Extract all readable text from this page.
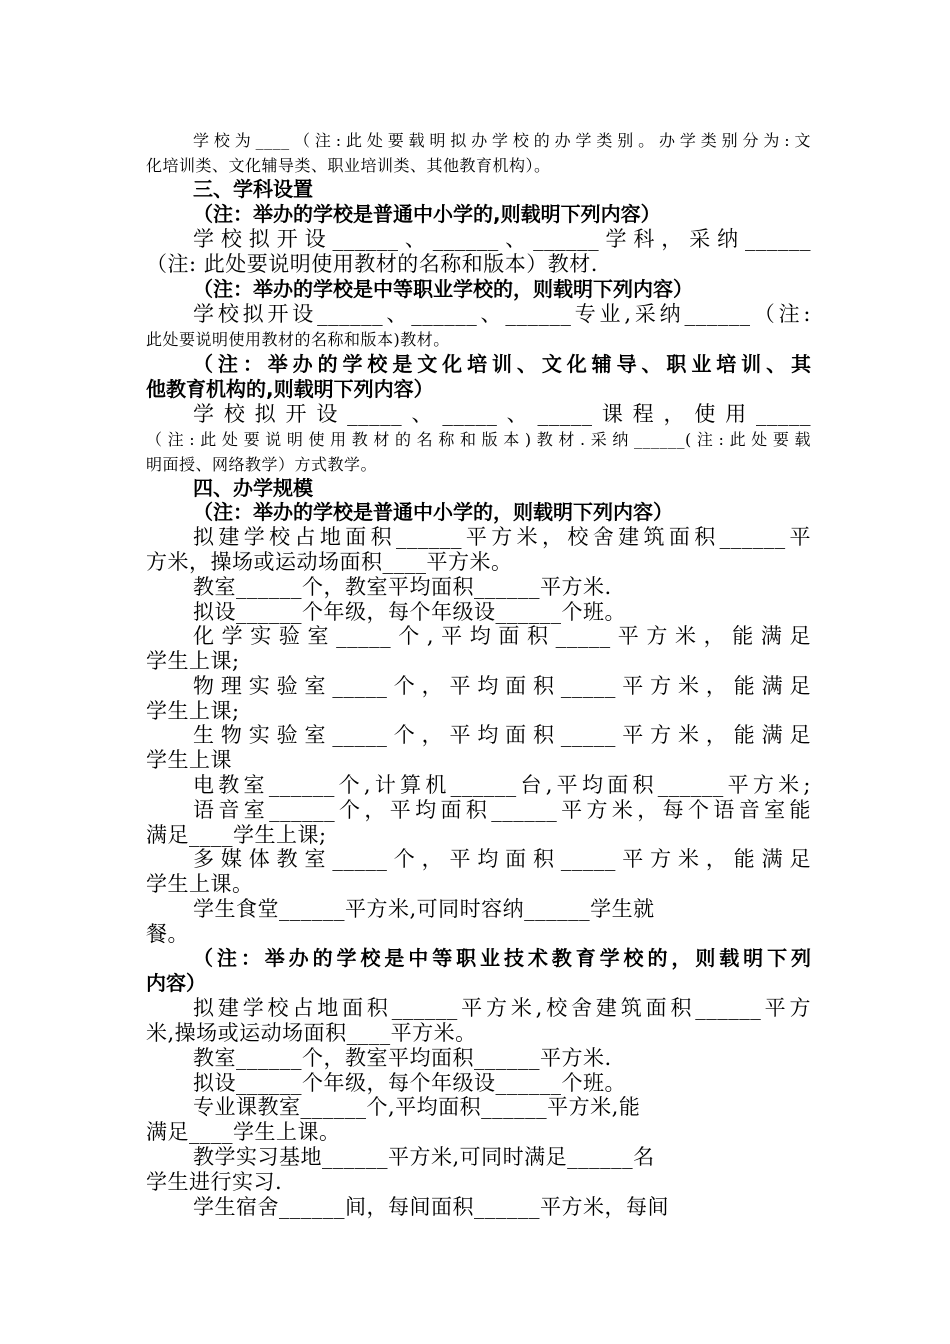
学校为____（注:此处要载明拟办学校的办学类别。办学类别分为:文
化培训类、文化辅导类、职业培训类、其他教育机构）。
三、学科设置
（注：举办的学校是普通中小学的,则载明下列内容）
学校拟开设______、______、______学科，采纳______
（注: 此处要说明使用教材的名称和版本）教材.
（注：举办的学校是中等职业学校的，则载明下列内容）
学校拟开设______、______、______专业,采纳______（注:
此处要说明使用教材的名称和版本)教材。
（注：举办的学校是文化培训、文化辅导、职业培训、其
他教育机构的,则载明下列内容）
学校拟开设_____、_____、_____课程，使用_____
（注:此处要说明使用教材的名称和版本)教材.采纳______(注:此处要载
明面授、网络教学）方式教学。
四、办学规模
（注：举办的学校是普通中小学的，则载明下列内容）
拟建学校占地面积______平方米，校舍建筑面积______平
方米，操场或运动场面积____平方米。
教室______个，教室平均面积______平方米.
拟设______个年级，每个年级设______个班。
化学实验室_____个,平均面积_____平方米，能满足
学生上课;
物理实验室_____个，平均面积_____平方米，能满足
学生上课;
生物实验室_____个，平均面积_____平方米，能满足
学生上课
电教室______个,计算机______台,平均面积______平方米;
语音室______个，平均面积______平方米，每个语音室能
满足____学生上课;
多媒体教室_____个，平均面积_____平方米，能满足
学生上课。
学生食堂______平方米,可同时容纳______学生就
餐。
（注：举办的学校是中等职业技术教育学校的，则载明下列
内容）
拟建学校占地面积______平方米,校舍建筑面积______平方
米,操场或运动场面积____平方米。
教室______个，教室平均面积______平方米.
拟设______个年级，每个年级设______个班。
专业课教室______个,平均面积______平方米,能
满足____学生上课。
教学实习基地______平方米,可同时满足______名
学生进行实习.
学生宿舍______间，每间面积______平方米，每间
